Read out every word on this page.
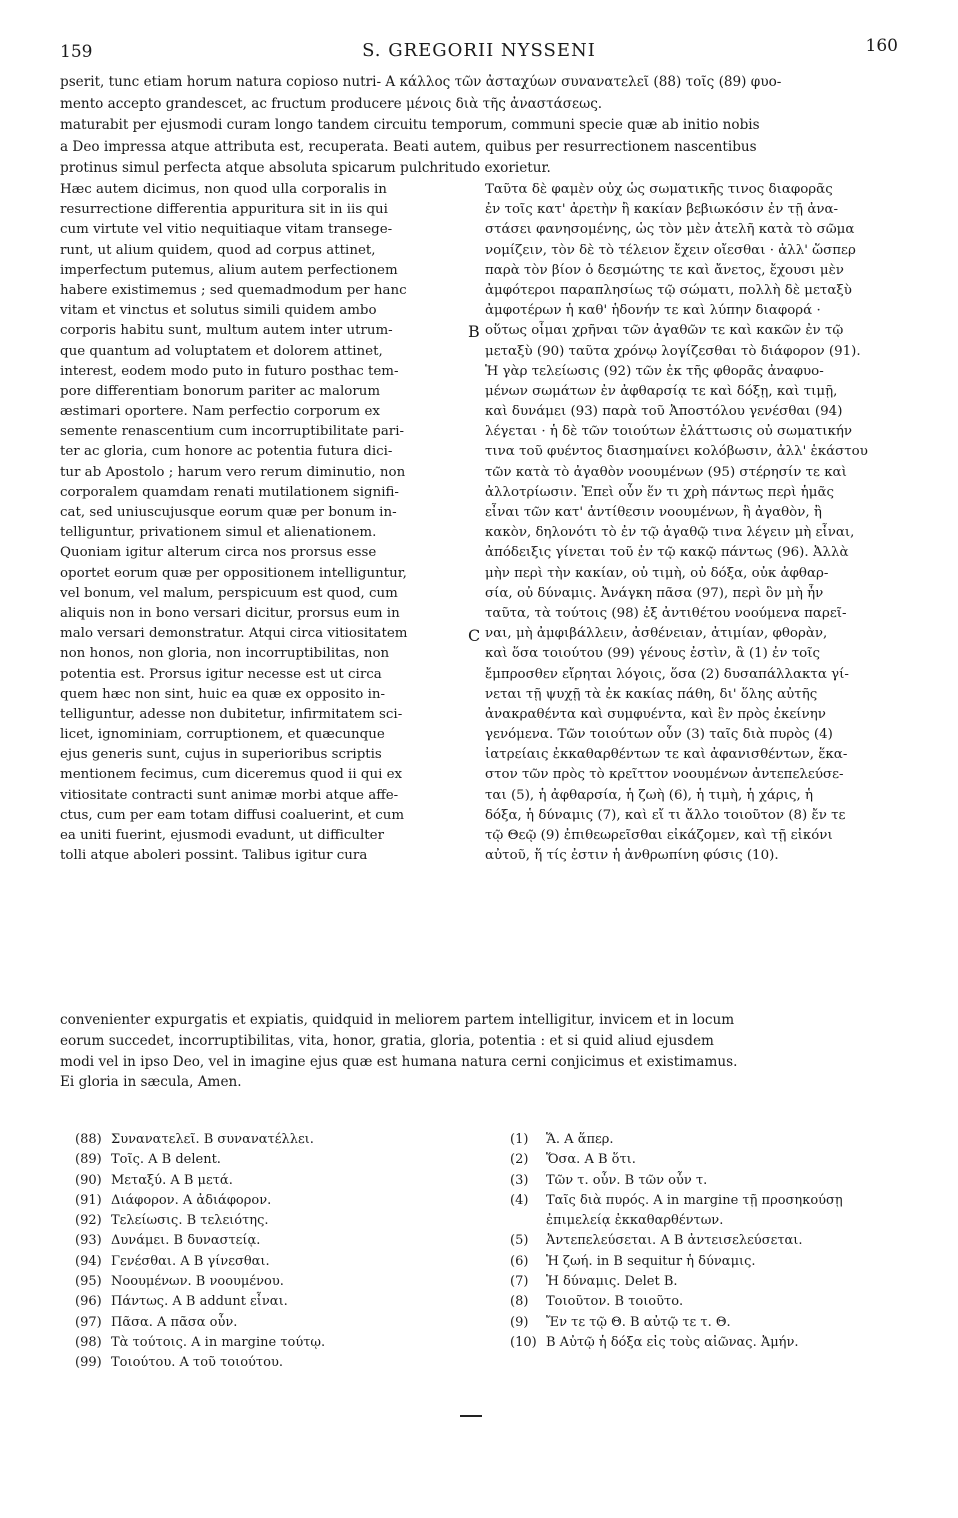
159	S. GREGORII NYSSENI	160
pserit, tunc etiam horum natura copioso nutri- A κάλλος τῶν ἀσταχύων συνανατελεῖ (88) τοῖς (89) φυο-
mento accepto grandescet, ac fructum producere μένοις διὰ τῆς ἀναστάσεως.
maturabit per ejusmodi curam longo tandem circuitu temporum, communi specie quæ ab initio nobis
a Deo impressa atque attributa est, recuperata. Beati autem, quibus per resurrectionem nascentibus
protinus simul perfecta atque absoluta spicarum pulchritudo exorietur.
Hæc autem dicimus, non quod ulla corporalis in
resurrectione differentia appuritura sit in iis qui
cum virtute vel vitio nequitiaque vitam transege-
runt, ut alium quidem, quod ad corpus attinet,
imperfectum putemus, alium autem perfectionem
habere existimemus ; sed quemadmodum per hanc
vitam et vinctus et solutus simili quidem ambo
corporis habitu sunt, multum autem inter utrum-
que quantum ad voluptatem et dolorem attinet,
interest, eodem modo puto in futuro posthac tem-
pore differentiam bonorum pariter ac malorum
æstimari oportere. Nam perfectio corporum ex
semente renascentium cum incorruptibilitate pari-
ter ac gloria, cum honore ac potentia futura dici-
tur ab Apostolo ; harum vero rerum diminutio, non
corporalem quamdam renati mutilationem signifi-
cat, sed uniuscujusque eorum quæ per bonum in-
telliguntur, privationem simul et alienationem.
Quoniam igitur alterum circa nos prorsus esse
oportet eorum quæ per oppositionem intelliguntur,
vel bonum, vel malum, perspicuum est quod, cum
aliquis non in bono versari dicitur, prorsus eum in
malo versari demonstratur. Atqui circa vitiositatem
non honos, non gloria, non incorruptibilitas, non
potentia est. Prorsus igitur necesse est ut circa
quem hæc non sint, huic ea quæ ex opposito in-
telliguntur, adesse non dubitetur, infirmitatem sci-
licet, ignominiam, corruptionem, et quæcunque
ejus generis sunt, cujus in superioribus scriptis
mentionem fecimus, cum diceremus quod ii qui ex
vitiositate contracti sunt animæ morbi atque affe-
ctus, cum per eam totam diffusi coaluerint, et cum
ea uniti fuerint, ejusmodi evadunt, ut difficulter
tolli atque aboleri possint. Talibus igitur cura
Ταῦτα δὲ φαμὲν οὐχ ὡς σωματικῆς τινος διαφορᾶς
ἐν τοῖς κατ' ἀρετὴν ἢ κακίαν βεβιωκόσιν ἐν τῇ ἀνα-
στάσει φανησομένης, ὡς τὸν μὲν ἀτελῆ κατὰ τὸ σῶμα
νομίζειν, τὸν δὲ τὸ τέλειον ἔχειν οἴεσθαι · ἀλλ' ὥσπερ
παρὰ τὸν βίον ὁ δεσμώτης τε καὶ ἄνετος, ἔχουσι μὲν
ἀμφότεροι παραπλησίως τῷ σώματι, πολλὴ δὲ μεταξὺ
ἀμφοτέρων ἡ καθ' ἡδονήν τε καὶ λύπην διαφορά ·
οὕτως οἶμαι χρῆναι τῶν ἀγαθῶν τε καὶ κακῶν ἐν τῷ
μεταξὺ (90) ταῦτα χρόνῳ λογίζεσθαι τὸ διάφορον (91).
Ἡ γὰρ τελείωσις (92) τῶν ἐκ τῆς φθορᾶς ἀναφυο-
μένων σωμάτων ἐν ἀφθαρσίᾳ τε καὶ δόξῃ, καὶ τιμῇ,
καὶ δυνάμει (93) παρὰ τοῦ Ἀποστόλου γενέσθαι (94)
λέγεται · ἡ δὲ τῶν τοιούτων ἐλάττωσις οὐ σωματικήν
τινα τοῦ φυέντος διασημαίνει κολόβωσιν, ἀλλ' ἑκάστου
τῶν κατὰ τὸ ἀγαθὸν νοουμένων (95) στέρησίν τε καὶ
ἀλλοτρίωσιν. Ἐπεὶ οὖν ἕν τι χρὴ πάντως περὶ ἡμᾶς
εἶναι τῶν κατ' ἀντίθεσιν νοουμένων, ἢ ἀγαθὸν, ἢ
κακὸν, δηλονότι τὸ ἐν τῷ ἀγαθῷ τινα λέγειν μὴ εἶναι,
ἀπόδειξις γίνεται τοῦ ἐν τῷ κακῷ πάντως (96). Ἀλλὰ
μὴν περὶ τὴν κακίαν, οὐ τιμὴ, οὐ δόξα, οὐκ ἀφθαρ-
σία, οὐ δύναμις. Ἀνάγκη πᾶσα (97), περὶ ὃν μὴ ἦν
ταῦτα, τὰ τούτοις (98) ἐξ ἀντιθέτου νοούμενα παρεῖ-
ναι, μὴ ἀμφιβάλλειν, ἀσθένειαν, ἀτιμίαν, φθορὰν,
καὶ ὅσα τοιούτου (99) γένους ἐστὶν, ἃ (1) ἐν τοῖς
ἔμπροσθεν εἴρηται λόγοις, ὅσα (2) δυσαπάλλακτα γί-
νεται τῇ ψυχῇ τὰ ἐκ κακίας πάθη, δι' ὅλης αὐτῆς
ἀνακραθέντα καὶ συμφυέντα, καὶ ἓν πρὸς ἐκείνην
γενόμενα. Τῶν τοιούτων οὖν (3) ταῖς διὰ πυρὸς (4)
ἰατρείαις ἐκκαθαρθέντων τε καὶ ἀφανισθέντων, ἕκα-
στον τῶν πρὸς τὸ κρεῖττον νοουμένων ἀντεπελεύσε-
ται (5), ἡ ἀφθαρσία, ἡ ζωὴ (6), ἡ τιμὴ, ἡ χάρις, ἡ
δόξα, ἡ δύναμις (7), καὶ εἴ τι ἄλλο τοιοῦτον (8) ἔν τε
τῷ Θεῷ (9) ἐπιθεωρεῖσθαι εἰκάζομεν, καὶ τῇ εἰκόνι
αὐτοῦ, ἥ τίς ἐστιν ἡ ἀνθρωπίνη φύσις (10).
B
C
convenienter expurgatis et expiatis, quidquid in meliorem partem intelligitur, invicem et in locum
eorum succedet, incorruptibilitas, vita, honor, gratia, gloria, potentia : et si quid aliud ejusdem
modi vel in ipso Deo, vel in imagine ejus quæ est humana natura cerni conjicimus et existimamus.
Ei gloria in sæcula, Amen.
(88) Συνανατελεῖ. B συνανατέλλει.
(89) Τοῖς. A B delent.
(90) Μεταξύ. A B μετά.
(91) Διάφορον. A ἀδιάφορον.
(92) Τελείωσις. B τελειότης.
(93) Δυνάμει. B δυναστείᾳ.
(94) Γενέσθαι. A B γίνεσθαι.
(95) Νοουμένων. B νοουμένου.
(96) Πάντως. A B addunt εἶναι.
(97) Πᾶσα. A πᾶσα οὖν.
(98) Τὰ τούτοις. A in margine τούτῳ.
(99) Τοιούτου. A τοῦ τοιούτου.
(1) Ἅ. A ἅπερ.
(2) Ὅσα. A B ὅτι.
(3) Τῶν τ. οὖν. B τῶν οὖν τ.
(4) Ταῖς διὰ πυρός. A in margine τῇ προσηκούσῃ
ἐπιμελείᾳ ἐκκαθαρθέντων.
(5) Ἀντεπελεύσεται. A B ἀντεισελεύσεται.
(6) Ἡ ζωή. in B sequitur ἡ δύναμις.
(7) Ἡ δύναμις. Delet B.
(8) Τοιοῦτον. B τοιοῦτο.
(9) Ἔν τε τῷ Θ. B αὐτῷ τε τ. Θ.
(10) B Αὐτῷ ἡ δόξα εἰς τοὺς αἰῶνας. Ἀμήν.
